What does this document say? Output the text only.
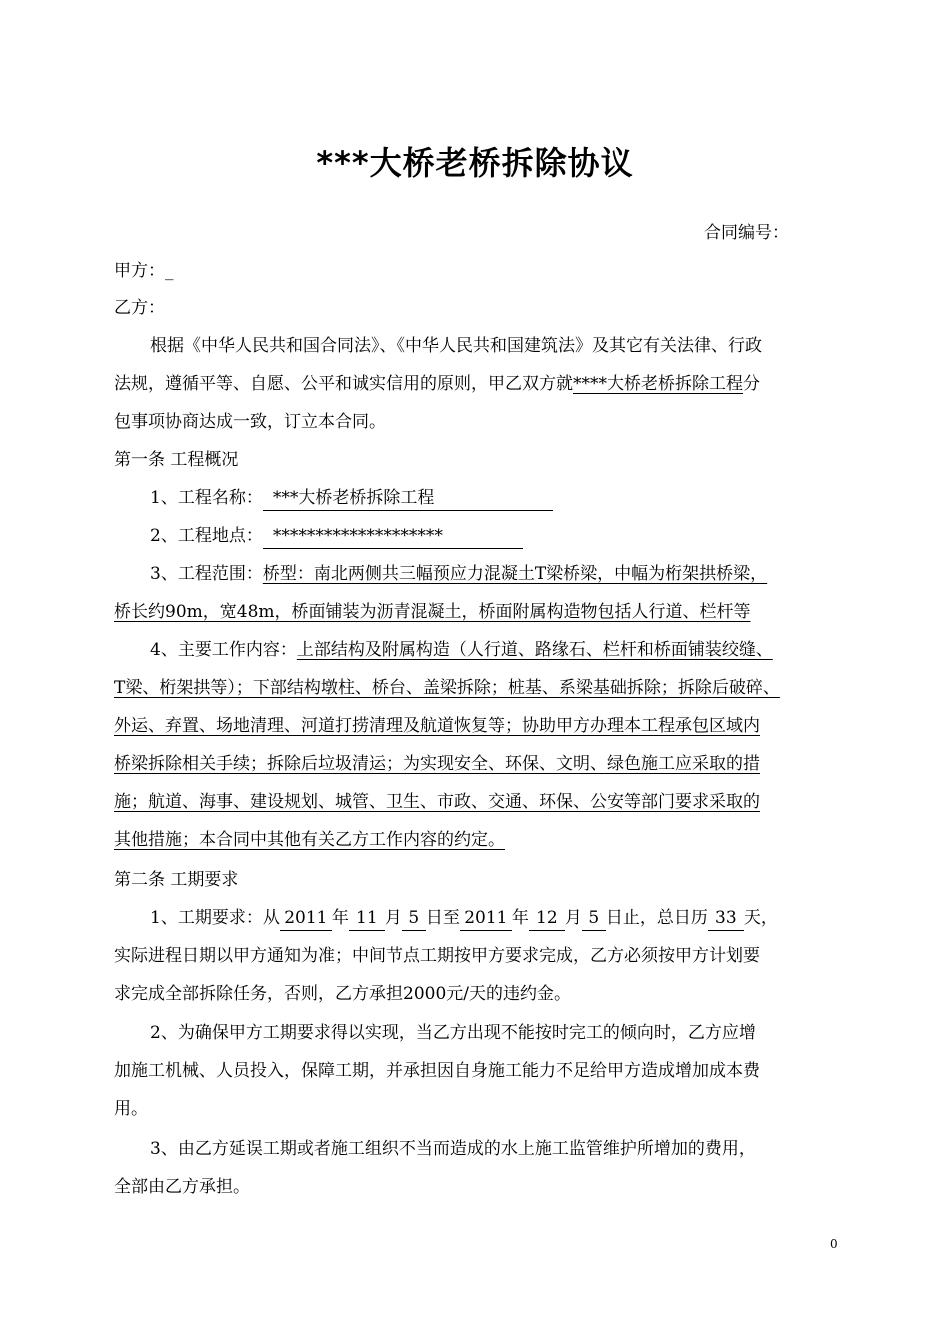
***大桥老桥拆除协议
合同编号：
甲方：_
乙方：
根据《中华人民共和国合同法》、《中华人民共和国建筑法》及其它有关法律、行政
法规，遵循平等、自愿、公平和诚实信用的原则，甲乙双方就****大桥老桥拆除工程分
包事项协商达成一致，订立本合同。
第一条 工程概况
1、工程名称： ***大桥老桥拆除工程
2、工程地点： ********************
3、工程范围：桥型：南北两侧共三幅预应力混凝土T梁桥梁，中幅为桁架拱桥梁，
桥长约90m，宽48m，桥面铺装为沥青混凝土，桥面附属构造物包括人行道、栏杆等
4、主要工作内容：上部结构及附属构造（人行道、路缘石、栏杆和桥面铺装绞缝、
T梁、桁架拱等）；下部结构墩柱、桥台、盖梁拆除；桩基、系梁基础拆除；拆除后破碎、
外运、弃置、场地清理、河道打捞清理及航道恢复等；协助甲方办理本工程承包区域内
桥梁拆除相关手续；拆除后垃圾清运；为实现安全、环保、文明、绿色施工应采取的措
施；航道、海事、建设规划、城管、卫生、市政、交通、环保、公安等部门要求采取的
其他措施；本合同中其他有关乙方工作内容的约定。
第二条 工期要求
1、工期要求：从 2011 年 11 月 5 日至 2011 年 12 月 5 日止，总日历 33 天，
实际进程日期以甲方通知为准；中间节点工期按甲方要求完成，乙方必须按甲方计划要
求完成全部拆除任务，否则，乙方承担2000元/天的违约金。
2、为确保甲方工期要求得以实现，当乙方出现不能按时完工的倾向时，乙方应增
加施工机械、人员投入，保障工期，并承担因自身施工能力不足给甲方造成增加成本费
用。
3、由乙方延误工期或者施工组织不当而造成的水上施工监管维护所增加的费用，
全部由乙方承担。
0
